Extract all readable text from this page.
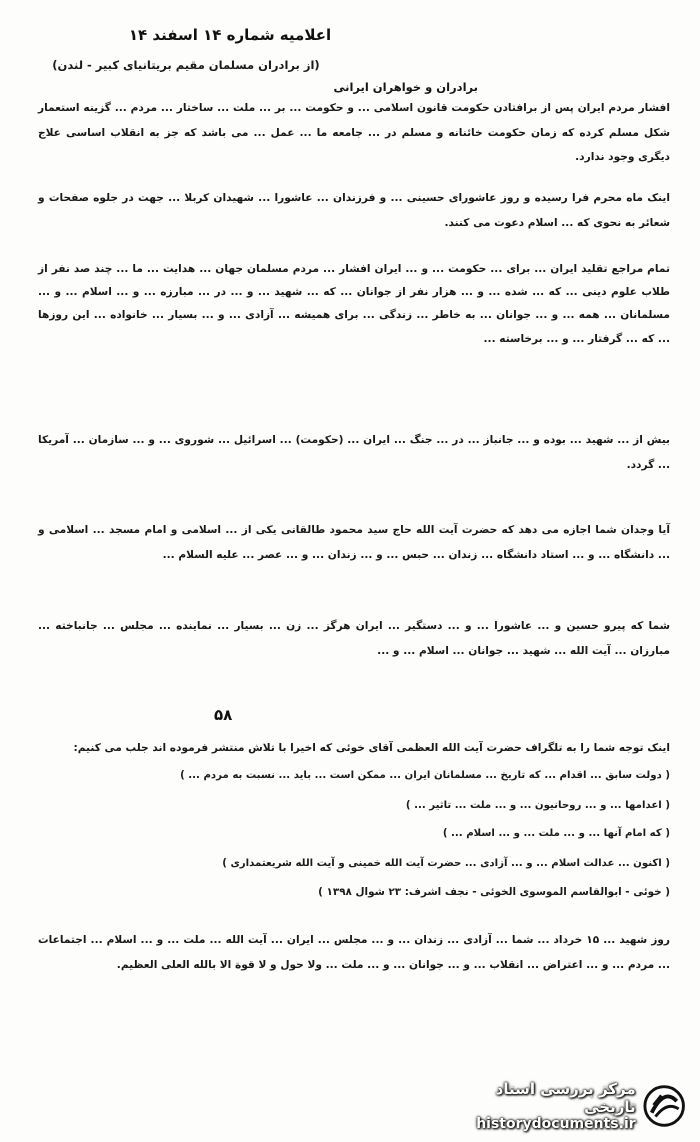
اعلامیه شماره ۱۴ اسفند ۱۴
(از برادران مسلمان مقیم بریتانیای کبیر - لندن)
برادران و خواهران ایرانی
افشار مردم ایران پس از برافتادن حکومت قانون اسلامی ... و حکومت ... بر ... ملت ... ساختار ... مردم ... گزینه استعمار شکل مسلم کرده که زمان حکومت خائنانه و مسلم در ... جامعه ما ... عمل ... می باشد که جز به انقلاب اساسی علاج دیگری وجود ندارد.
اینک ماه محرم فرا رسیده و روز عاشورای حسینی ... و فرزندان ... عاشورا ... شهیدان کربلا ... جهت در جلوه صفحات و شعائر به نحوی که ... اسلام دعوت می کنند.
تمام مراجع تقلید ایران ... برای ... حکومت ... و ... ایران افشار ... مردم مسلمان جهان ... هدایت ... ما ... چند صد نفر از طلاب علوم دینی ... که ... شده ... و ... هزار نفر از جوانان ... که ... شهید ... و ... در ... مبارزه ... و ... اسلام ... و ... مسلمانان ... همه ... و ... جوانان ... به خاطر ... زندگی ... برای همیشه ... آزادی ... و ... بسیار ... خانواده ... این روزها ... که ... گرفتار ... و ... برخاسته ...
بیش از ... شهید ... بوده و ... جانباز ... در ... جنگ ... ایران ... (حکومت) ... اسرائیل ... شوروی ... و ... سازمان ... آمریکا ... گردد.
آیا وجدان شما اجازه می دهد که حضرت آیت الله حاج سید محمود طالقانی یکی از ... اسلامی و امام مسجد ... اسلامی و ... دانشگاه ... و ... استاد دانشگاه ... زندان ... حبس ... و ... زندان ... و ... عصر ... علیه السلام ...
شما که پیرو حسین و ... عاشورا ... و ... دستگیر ... ایران هرگز ... زن ... بسیار ... نماینده ... مجلس ... جانباخته ... مبارزان ... آیت الله ... شهید ... جوانان ... اسلام ... و ...
۵۸
اینک توجه شما را به تلگراف حضرت آیت الله العظمی آقای خوئی که اخیرا با تلاش منتشر فرموده اند جلب می کنیم:
( دولت سابق ... اقدام ... که تاریخ ... مسلمانان ایران ... ممکن است ... باید ... نسبت به مردم ... )
( اعدامها ... و ... روحانیون ... و ... ملت ... تاثیر ... )
( که امام آنها ... و ... ملت ... و ... اسلام ... )
( اکنون ... عدالت اسلام ... و ... آزادی ... حضرت آیت الله خمینی و آیت الله شریعتمداری )
( خوئی - ابوالقاسم الموسوی الخوئی - نجف اشرف: ۲۳ شوال ۱۳۹۸ )
روز شهید ... ۱۵ خرداد ... شما ... آزادی ... زندان ... و ... مجلس ... ایران ... آیت الله ... ملت ... و ... اسلام ... اجتماعات ... مردم ... و ... اعتراض ... انقلاب ... و ... جوانان ... و ... ملت ... ولا حول و لا قوة الا بالله العلی العظیم.
مرکز بررسی اسناد تاریخی
historydocuments.ir
